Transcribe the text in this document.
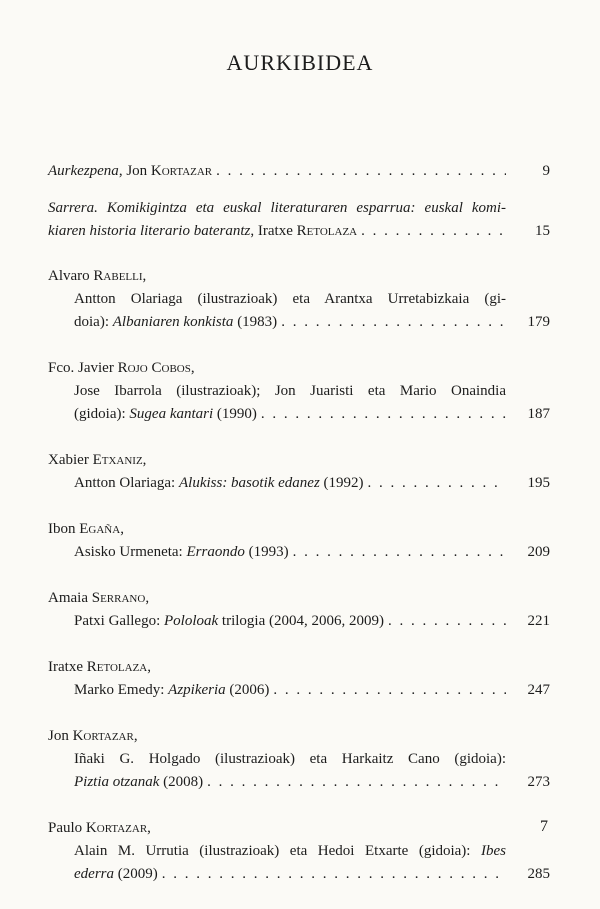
AURKIBIDEA
Aurkezpena, Jon Kortazar . . .	9
Sarrera. Komikigintza eta euskal literaturaren esparrua: euskal komi-
kiaren historia literario baterantz, Iratxe Retolaza . . .	15
Alvaro Rabelli,
Antton Olariaga (ilustrazioak) eta Arantxa Urretabizkaia (gi-
doia): Albaniaren konkista (1983) . . .	179
Fco. Javier Rojo Cobos,
Jose Ibarrola (ilustrazioak); Jon Juaristi eta Mario Onaindia
(gidoia): Sugea kantari (1990) . . .	187
Xabier Etxaniz,
Antton Olariaga: Alukiss: basotik edanez (1992) . . .	195
Ibon Egaña,
Asisko Urmeneta: Erraondo (1993) . . .	209
Amaia Serrano,
Patxi Gallego: Pololoak trilogia (2004, 2006, 2009) . . .	221
Iratxe Retolaza,
Marko Emedy: Azpikeria (2006) . . .	247
Jon Kortazar,
Iñaki G. Holgado (ilustrazioak) eta Harkaitz Cano (gidoia):
Piztia otzanak (2008) . . .	273
Paulo Kortazar,
Alain M. Urrutia (ilustrazioak) eta Hedoi Etxarte (gidoia): Ibes
ederra (2009) . . .	285
7
